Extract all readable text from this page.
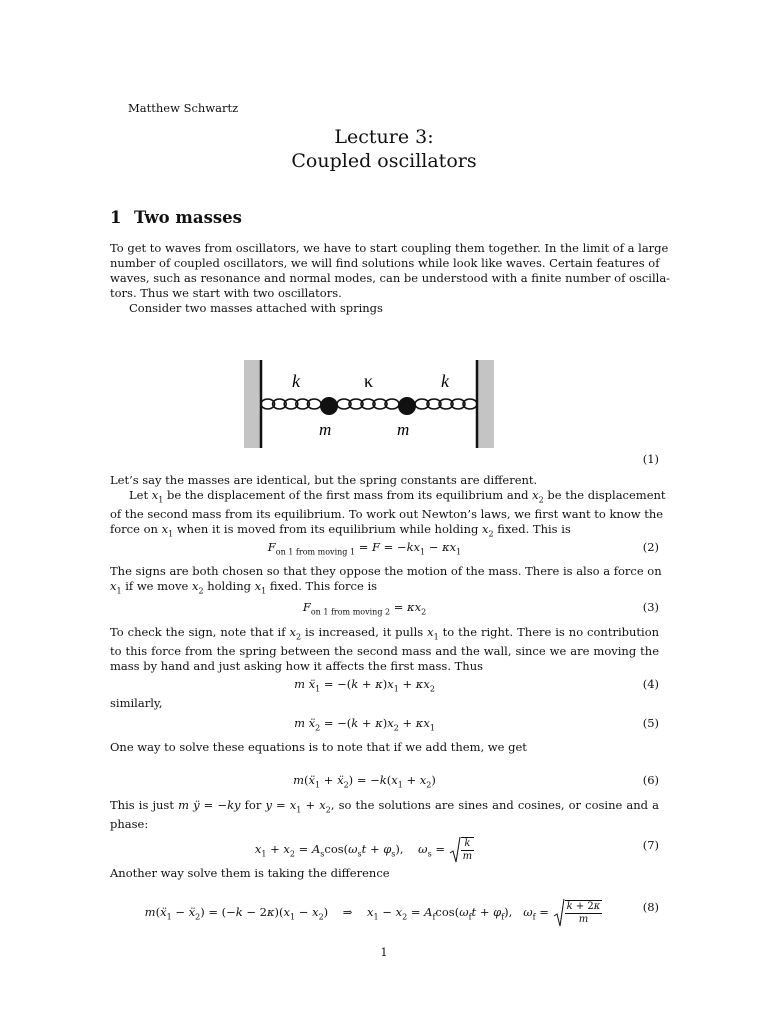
Matthew Schwartz
Lecture 3:
Coupled oscillators
1 Two masses
To get to waves from oscillators, we have to start coupling them together. In the limit of a large
number of coupled oscillators, we will find solutions while look like waves. Certain features of
waves, such as resonance and normal modes, can be understood with a finite number of oscilla-
tors. Thus we start with two oscillators.
Consider two masses attached with springs
k	κ	k
m	m
(1)
Let’s say the masses are identical, but the spring constants are different.
Let $x_1$ be the displacement of the first mass from its equilibrium and $x_2$ be the displacement
of the second mass from its equilibrium. To work out Newton’s laws, we first want to know the
force on $x_1$ when it is moved from its equilibrium while holding $x_2$ fixed. This is
$F_{on 1 from moving 1} = F = -kx_1 - \kappa x_1$	(2)
The signs are both chosen so that they oppose the motion of the mass. There is also a force on
$x_1$ if we move $x_2$ holding $x_1$ fixed. This force is
$F_{on 1 from moving 2} = \kappa x_2$	(3)
To check the sign, note that if $x_2$ is increased, it pulls $x_1$ to the right. There is no contribution
to this force from the spring between the second mass and the wall, since we are moving the
mass by hand and just asking how it affects the first mass. Thus
m ẍ$_1$ = $-(k + \kappa)x_1 + \kappa x_2$	(4)
similarly,
m ẍ$_2$ = $-(k + \kappa)x_2 + \kappa x_1$	(5)
One way to solve these equations is to note that if we add them, we get
m(ẍ$_1$ + ẍ$_2$) = $-k(x_1 + x_2)$	(6)
This is just m ÿ = −ky for $y = x_1 + x_2$, so the solutions are sines and cosines, or cosine and a
phase:
$x_1 + x_2 = A_s\cos(\omega_st + \varphi_s)$,    $\omega_s = \frac{k}{m}$	(7)
Another way solve them is taking the difference
m(ẍ$_1$ − ẍ$_2$) = $(-k - 2\kappa)(x_1 - x_2)$ ⇒    $x_1 - x_2 = A_f\cos(\omega_ft + \varphi_f)$,   $\omega_f = \frac{k + 2\kappa}{m}$	(8)
1
